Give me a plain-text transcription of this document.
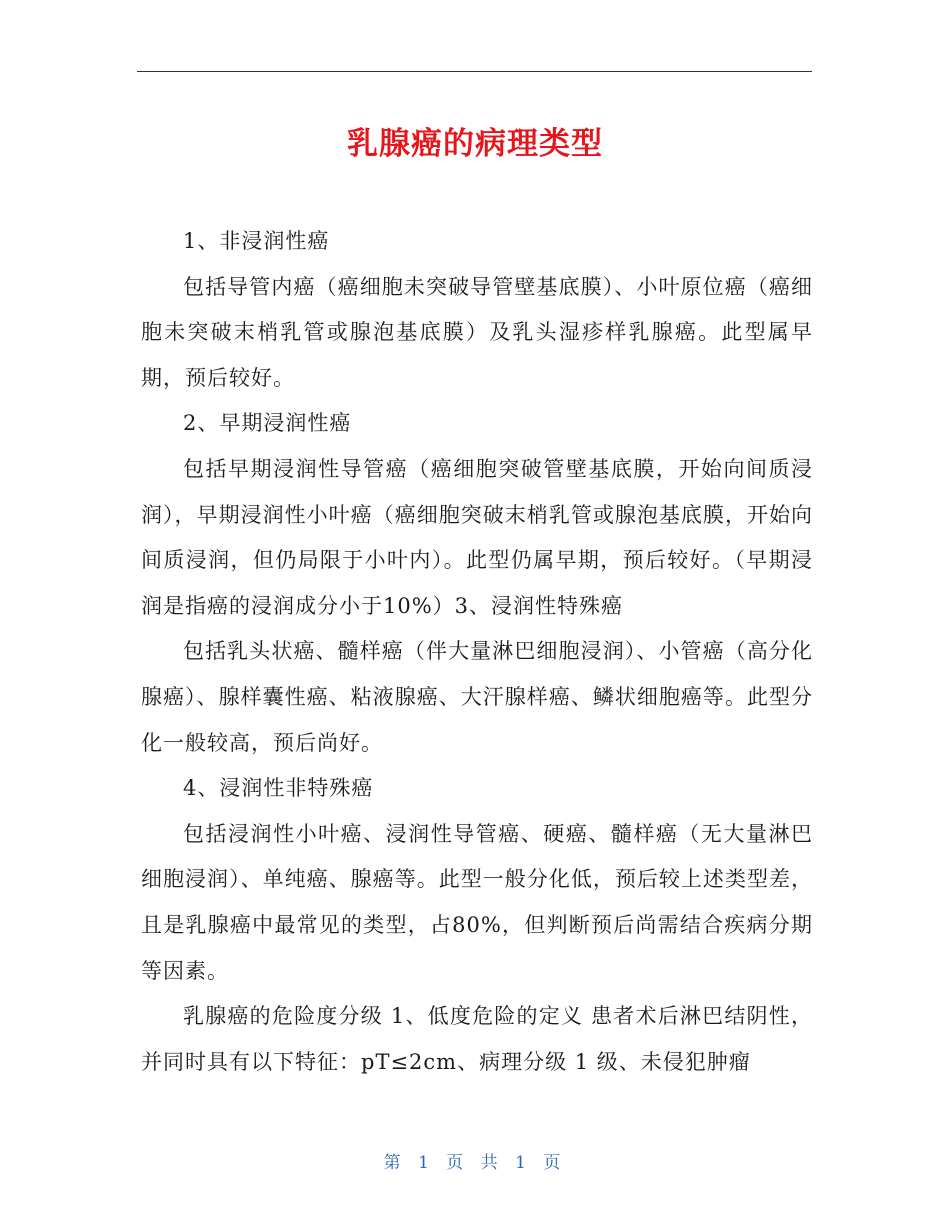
乳腺癌的病理类型

1、非浸润性癌

包括导管内癌（癌细胞未突破导管壁基底膜）、小叶原位癌（癌细胞未突破末梢乳管或腺泡基底膜）及乳头湿疹样乳腺癌。此型属早期，预后较好。

2、早期浸润性癌

包括早期浸润性导管癌（癌细胞突破管壁基底膜，开始向间质浸润），早期浸润性小叶癌（癌细胞突破末梢乳管或腺泡基底膜，开始向间质浸润，但仍局限于小叶内）。此型仍属早期，预后较好。（早期浸润是指癌的浸润成分小于10%）3、浸润性特殊癌

包括乳头状癌、髓样癌（伴大量淋巴细胞浸润）、小管癌（高分化腺癌）、腺样囊性癌、粘液腺癌、大汗腺样癌、鳞状细胞癌等。此型分化一般较高，预后尚好。

4、浸润性非特殊癌

包括浸润性小叶癌、浸润性导管癌、硬癌、髓样癌（无大量淋巴细胞浸润）、单纯癌、腺癌等。此型一般分化低，预后较上述类型差，且是乳腺癌中最常见的类型，占80%，但判断预后尚需结合疾病分期等因素。

乳腺癌的危险度分级 1、低度危险的定义 患者术后淋巴结阴性，并同时具有以下特征：pT≤2cm、病理分级 1 级、未侵犯肿瘤

第 1 页 共 1 页
